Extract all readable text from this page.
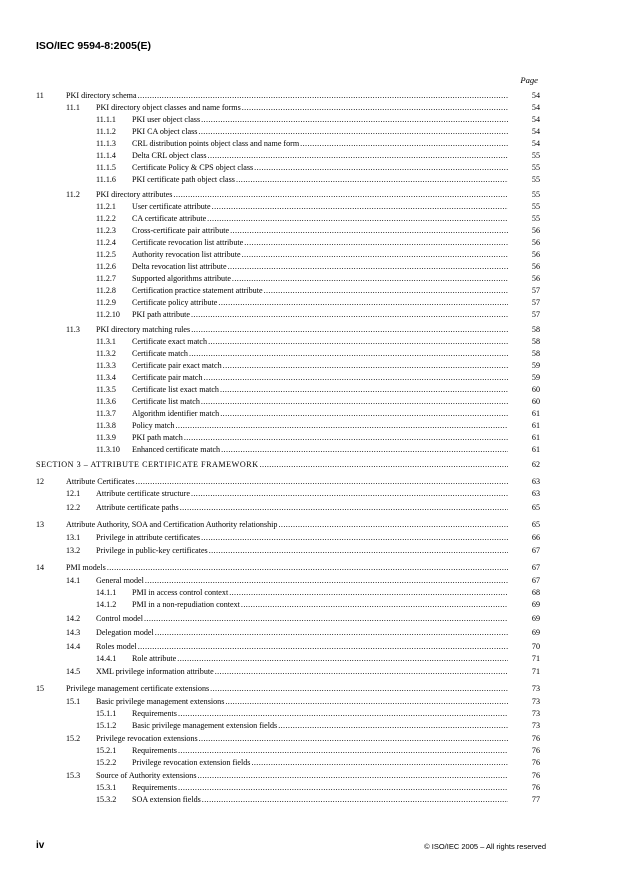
ISO/IEC 9594-8:2005(E)
Page
11	PKI directory schema .....	54
11.1 PKI directory object classes and name forms .....	54
11.1.1 PKI user object class .....	54
11.1.2 PKI CA object class .....	54
11.1.3 CRL distribution points object class and name form .....	54
11.1.4 Delta CRL object class .....	55
11.1.5 Certificate Policy & CPS object class .....	55
11.1.6 PKI certificate path object class .....	55
11.2 PKI directory attributes .....	55
11.2.1 User certificate attribute .....	55
11.2.2 CA certificate attribute .....	55
11.2.3 Cross-certificate pair attribute .....	56
11.2.4 Certificate revocation list attribute .....	56
11.2.5 Authority revocation list attribute .....	56
11.2.6 Delta revocation list attribute .....	56
11.2.7 Supported algorithms attribute .....	56
11.2.8 Certification practice statement attribute .....	57
11.2.9 Certificate policy attribute .....	57
11.2.10 PKI path attribute .....	57
11.3 PKI directory matching rules .....	58
11.3.1 Certificate exact match .....	58
11.3.2 Certificate match .....	58
11.3.3 Certificate pair exact match .....	59
11.3.4 Certificate pair match .....	59
11.3.5 Certificate list exact match .....	60
11.3.6 Certificate list match .....	60
11.3.7 Algorithm identifier match .....	61
11.3.8 Policy match .....	61
11.3.9 PKI path match .....	61
11.3.10 Enhanced certificate match .....	61
SECTION 3 – ATTRIBUTE CERTIFICATE FRAMEWORK .....	62
12	Attribute Certificates .....	63
12.1 Attribute certificate structure .....	63
12.2 Attribute certificate paths .....	65
13	Attribute Authority, SOA and Certification Authority relationship .....	65
13.1 Privilege in attribute certificates .....	66
13.2 Privilege in public-key certificates .....	67
14	PMI models .....	67
14.1 General model .....	67
14.1.1 PMI in access control context .....	68
14.1.2 PMI in a non-repudiation context .....	69
14.2 Control model .....	69
14.3 Delegation model .....	69
14.4 Roles model .....	70
14.4.1 Role attribute .....	71
14.5 XML privilege information attribute .....	71
15	Privilege management certificate extensions .....	73
15.1 Basic privilege management extensions .....	73
15.1.1 Requirements .....	73
15.1.2 Basic privilege management extension fields .....	73
15.2 Privilege revocation extensions .....	76
15.2.1 Requirements .....	76
15.2.2 Privilege revocation extension fields .....	76
15.3 Source of Authority extensions .....	76
15.3.1 Requirements .....	76
15.3.2 SOA extension fields .....	77
iv	© ISO/IEC 2005 – All rights reserved
